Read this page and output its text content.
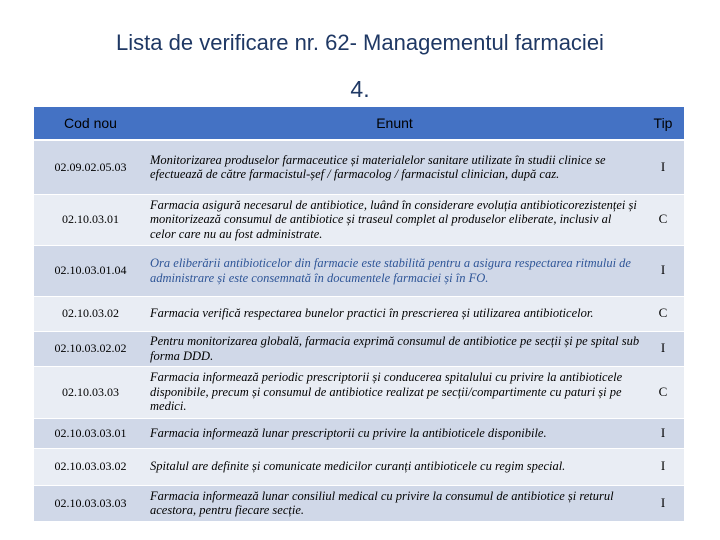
Lista de verificare nr. 62- Managementul farmaciei
4.
Cod nou	Enunt	Tip
02.09.02.05.03	Monitorizarea produselor farmaceutice și materialelor sanitare utilizate în studii clinice se efectuează de către farmacistul-șef / farmacolog / farmacistul clinician, după caz.	I
02.10.03.01	Farmacia asigură necesarul de antibiotice, luând în considerare evoluția antibioticorezistenței și monitorizează consumul de antibiotice și traseul complet al produselor eliberate, inclusiv al celor care nu au fost administrate.	C
02.10.03.01.04	Ora eliberării antibioticelor din farmacie este stabilită pentru a asigura respectarea ritmului de administrare și este consemnată în documentele farmaciei și în FO.	I
02.10.03.02	Farmacia verifică respectarea bunelor practici în prescrierea și utilizarea antibioticelor.	C
02.10.03.02.02	Pentru monitorizarea globală, farmacia exprimă consumul de antibiotice pe secții și pe spital sub forma DDD.	I
02.10.03.03	Farmacia informează periodic prescriptorii și conducerea spitalului cu privire la antibioticele disponibile, precum și consumul de antibiotice realizat pe secții/compartimente cu paturi și pe medici.	C
02.10.03.03.01	Farmacia informează lunar prescriptorii cu privire la antibioticele disponibile.	I
02.10.03.03.02	Spitalul are definite și comunicate medicilor curanți antibioticele cu regim special.	I
02.10.03.03.03	Farmacia informează lunar consiliul medical cu privire la consumul de antibiotice și returul acestora, pentru fiecare secție.	I
